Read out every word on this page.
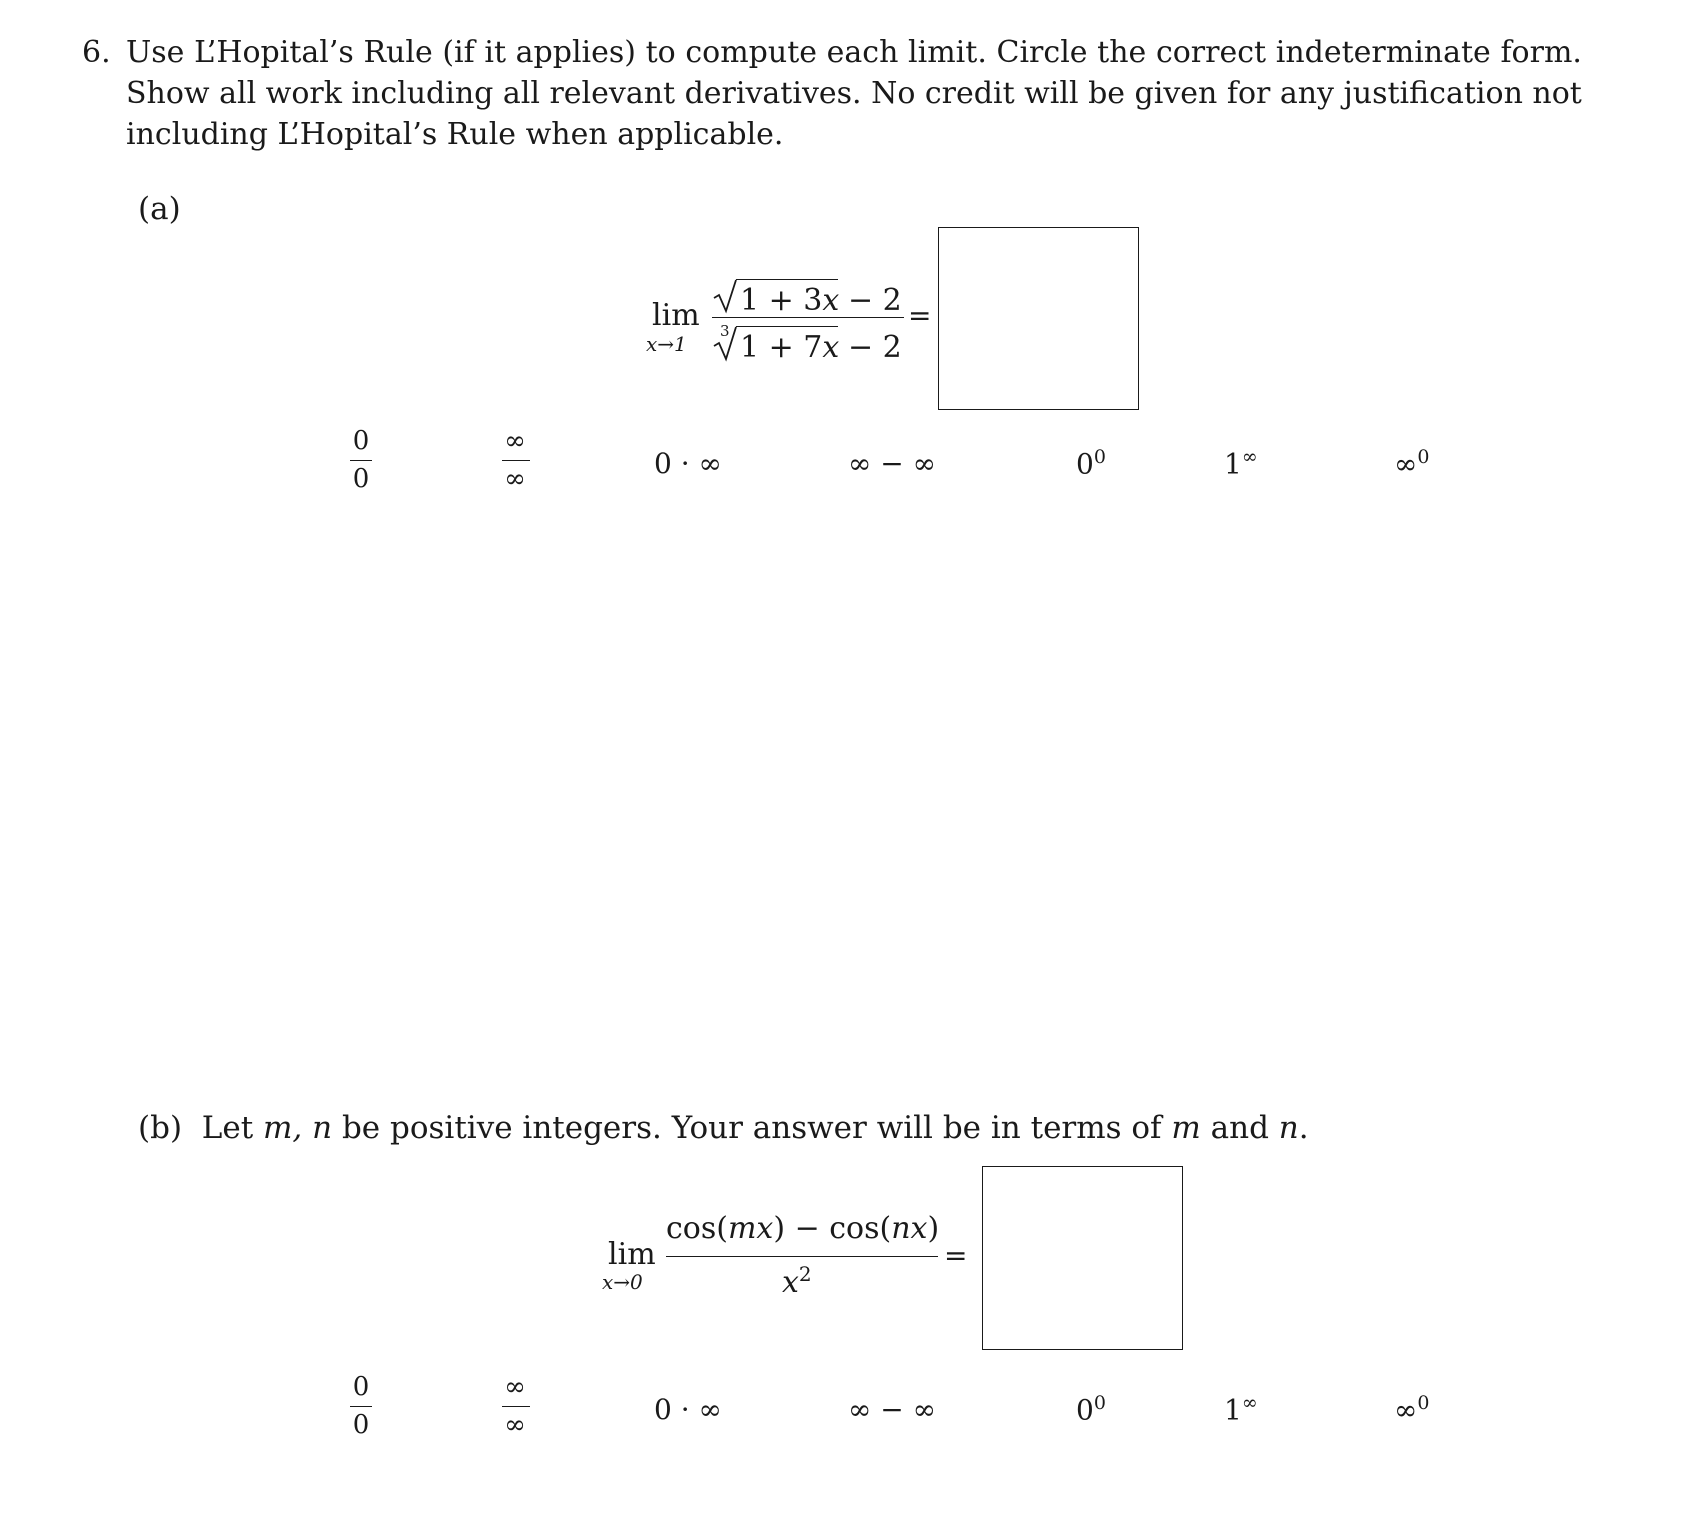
6. Use L’Hopital’s Rule (if it applies) to compute each limit. Circle the correct indeterminate form.
Show all work including all relevant derivatives. No credit will be given for any justification not
including L’Hopital’s Rule when applicable.
(a)
lim
x→1
1 + 3x − 2
3 1 + 7x − 2
=
0
0
∞
∞	0 · ∞	∞ − ∞	$0^0$	1∞	∞$^0$
(b) Let m, n be positive integers. Your answer will be in terms of m and n.
lim
x→0
cos(mx) − cos(nx)
$x^2$
=
0
0
∞
∞	0 · ∞	∞ − ∞	$0^0$	1∞	∞$^0$
